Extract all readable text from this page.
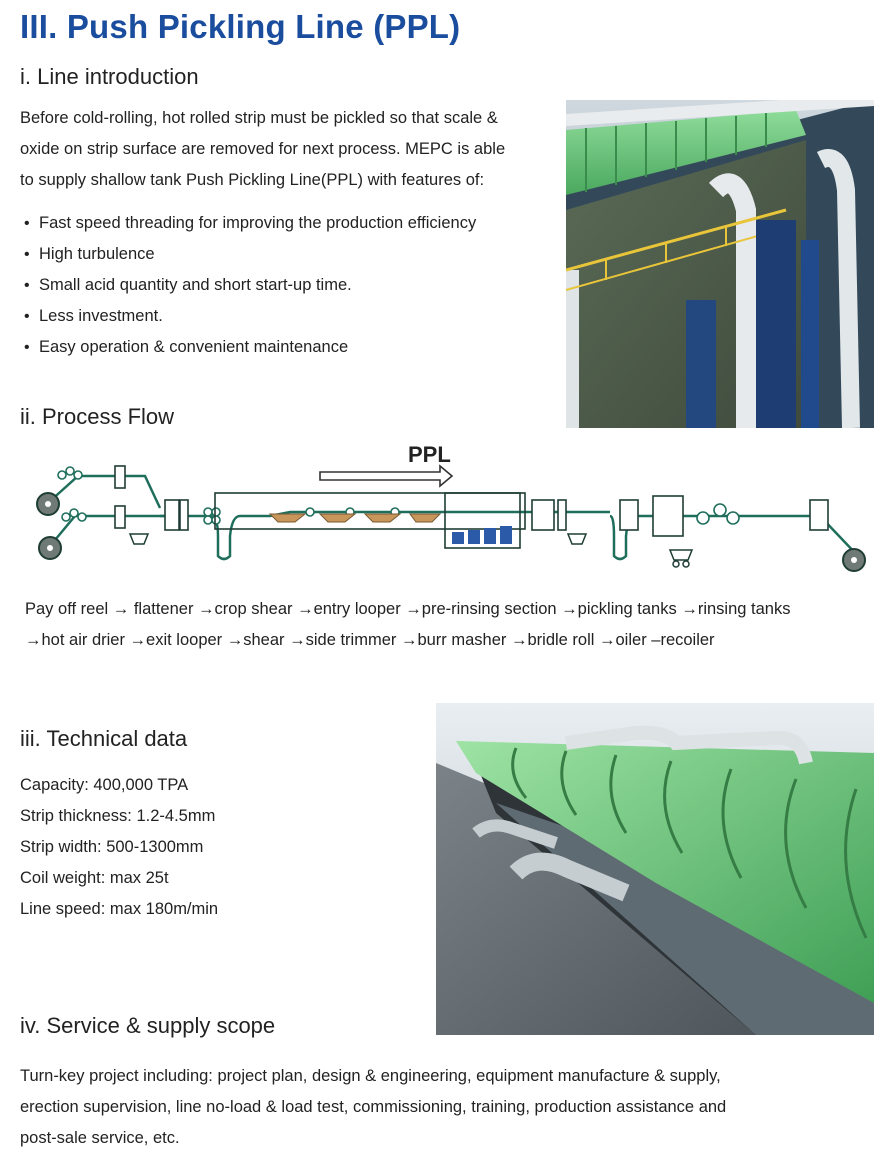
III. Push Pickling Line (PPL)
i. Line introduction
Before cold-rolling, hot rolled strip must be pickled so that scale &
oxide on strip surface are removed for next process. MEPC is able
to supply shallow tank Push Pickling Line(PPL) with features of:
• Fast speed threading for improving the production efficiency
• High turbulence
• Small acid quantity and short start-up time.
• Less investment.
• Easy operation & convenient maintenance
ii. Process Flow
PPL
Pay off reel → flattener →crop shear →entry looper →pre-rinsing section →pickling tanks →rinsing tanks
→hot air drier →exit looper →shear →side trimmer →burr masher →bridle roll →oiler –recoiler
iii. Technical data
Capacity: 400,000 TPA
Strip thickness: 1.2-4.5mm
Strip width: 500-1300mm
Coil weight: max 25t
Line speed: max 180m/min
iv. Service & supply scope
Turn-key project including: project plan, design & engineering, equipment manufacture & supply,
erection supervision, line no-load & load test, commissioning, training, production assistance and
post-sale service, etc.
